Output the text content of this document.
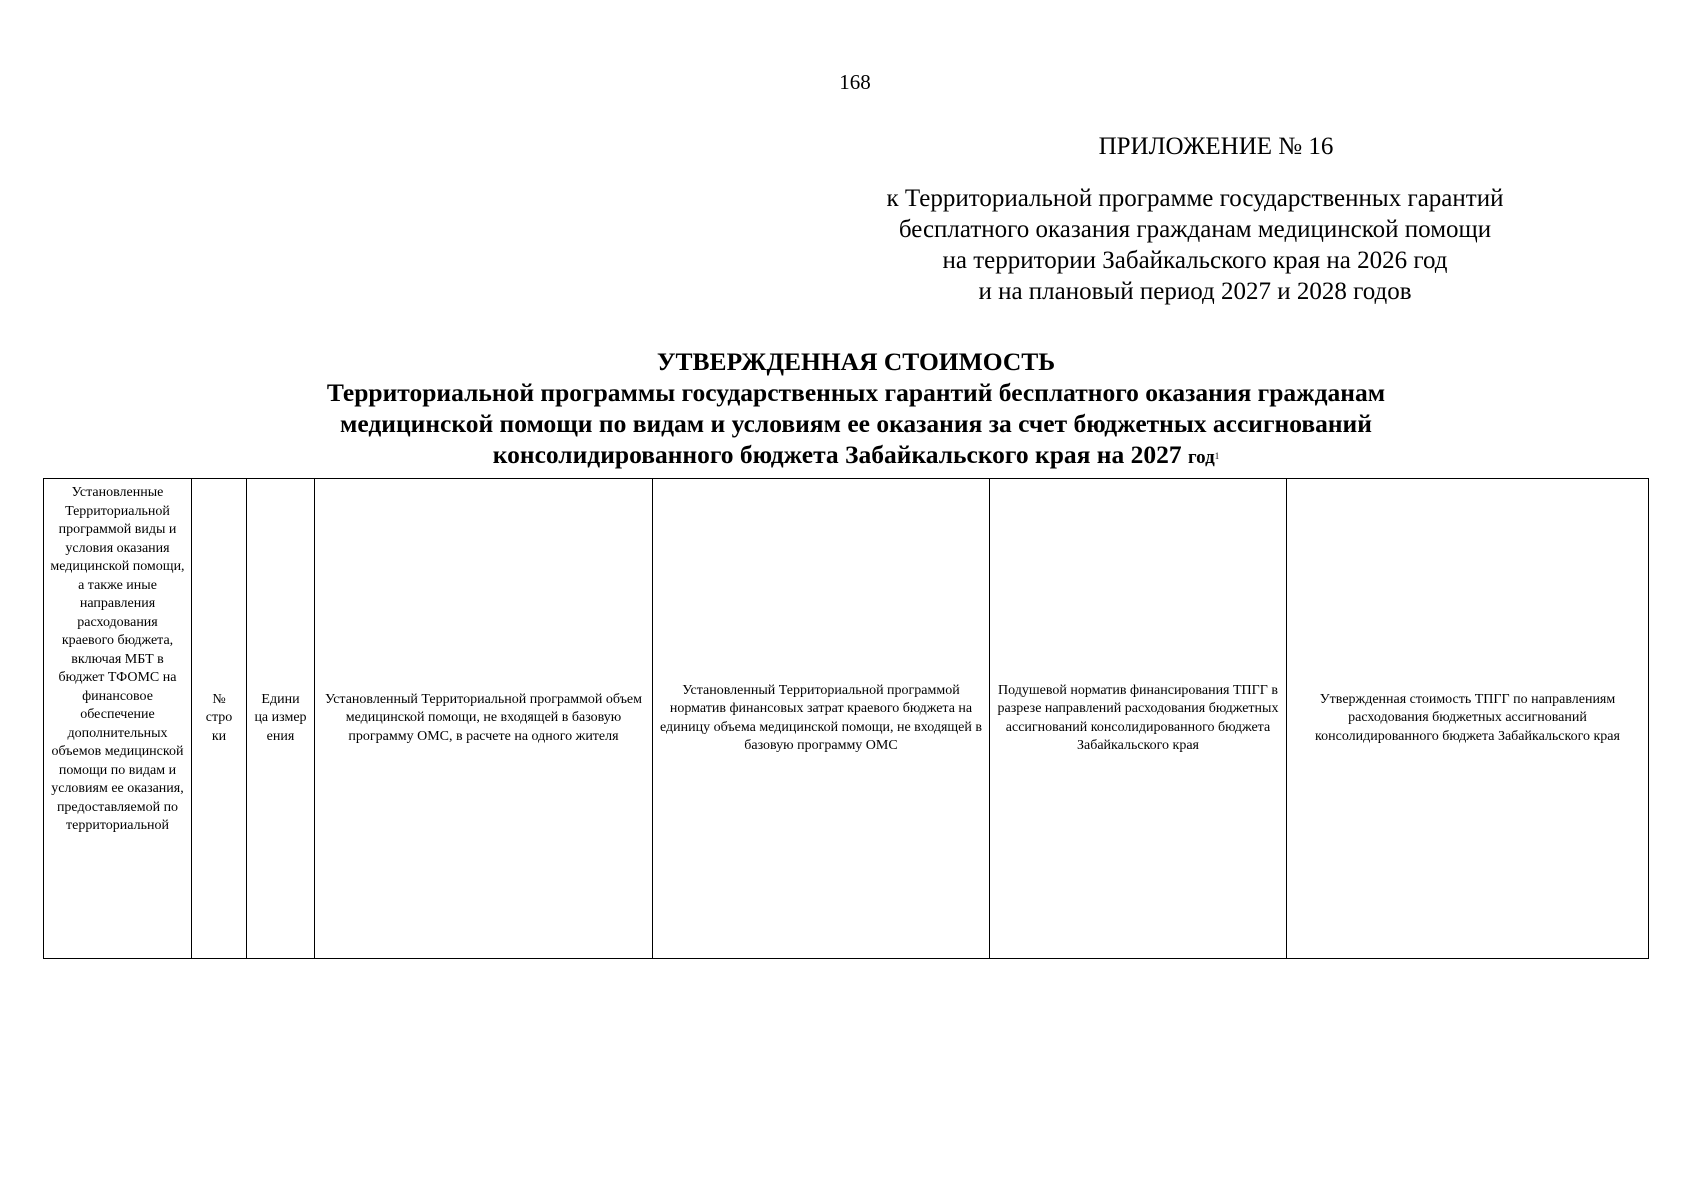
168
ПРИЛОЖЕНИЕ № 16
к Территориальной программе государственных гарантий
бесплатного оказания гражданам медицинской помощи
на территории Забайкальского края на 2026 год
и на плановый период 2027 и 2028 годов
УТВЕРЖДЕННАЯ СТОИМОСТЬ
Территориальной программы государственных гарантий бесплатного оказания гражданам
медицинской помощи по видам и условиям ее оказания за счет бюджетных ассигнований
консолидированного бюджета Забайкальского края на 2027 год$^1$
Установленные Территориальной программой виды и условия оказания медицинской помощи, а также иные направления расходования краевого бюджета, включая МБТ в бюджет ТФОМС на финансовое обеспечение дополнительных объемов медицинской помощи по видам и условиям ее оказания, предоставляемой по территориальной	№ стро ки	Едини ца измер ения	Установленный Территориальной программой объем медицинской помощи, не входящей в базовую программу ОМС, в расчете на одного жителя	Установленный Территориальной программой норматив финансовых затрат краевого бюджета на единицу объема медицинской помощи, не входящей в базовую программу ОМС	Подушевой норматив финансирования ТПГГ в разрезе направлений расходования бюджетных ассигнований консолидированного бюджета Забайкальского края	Утвержденная стоимость ТПГГ по направлениям расходования бюджетных ассигнований консолидированного бюджета Забайкальского края
